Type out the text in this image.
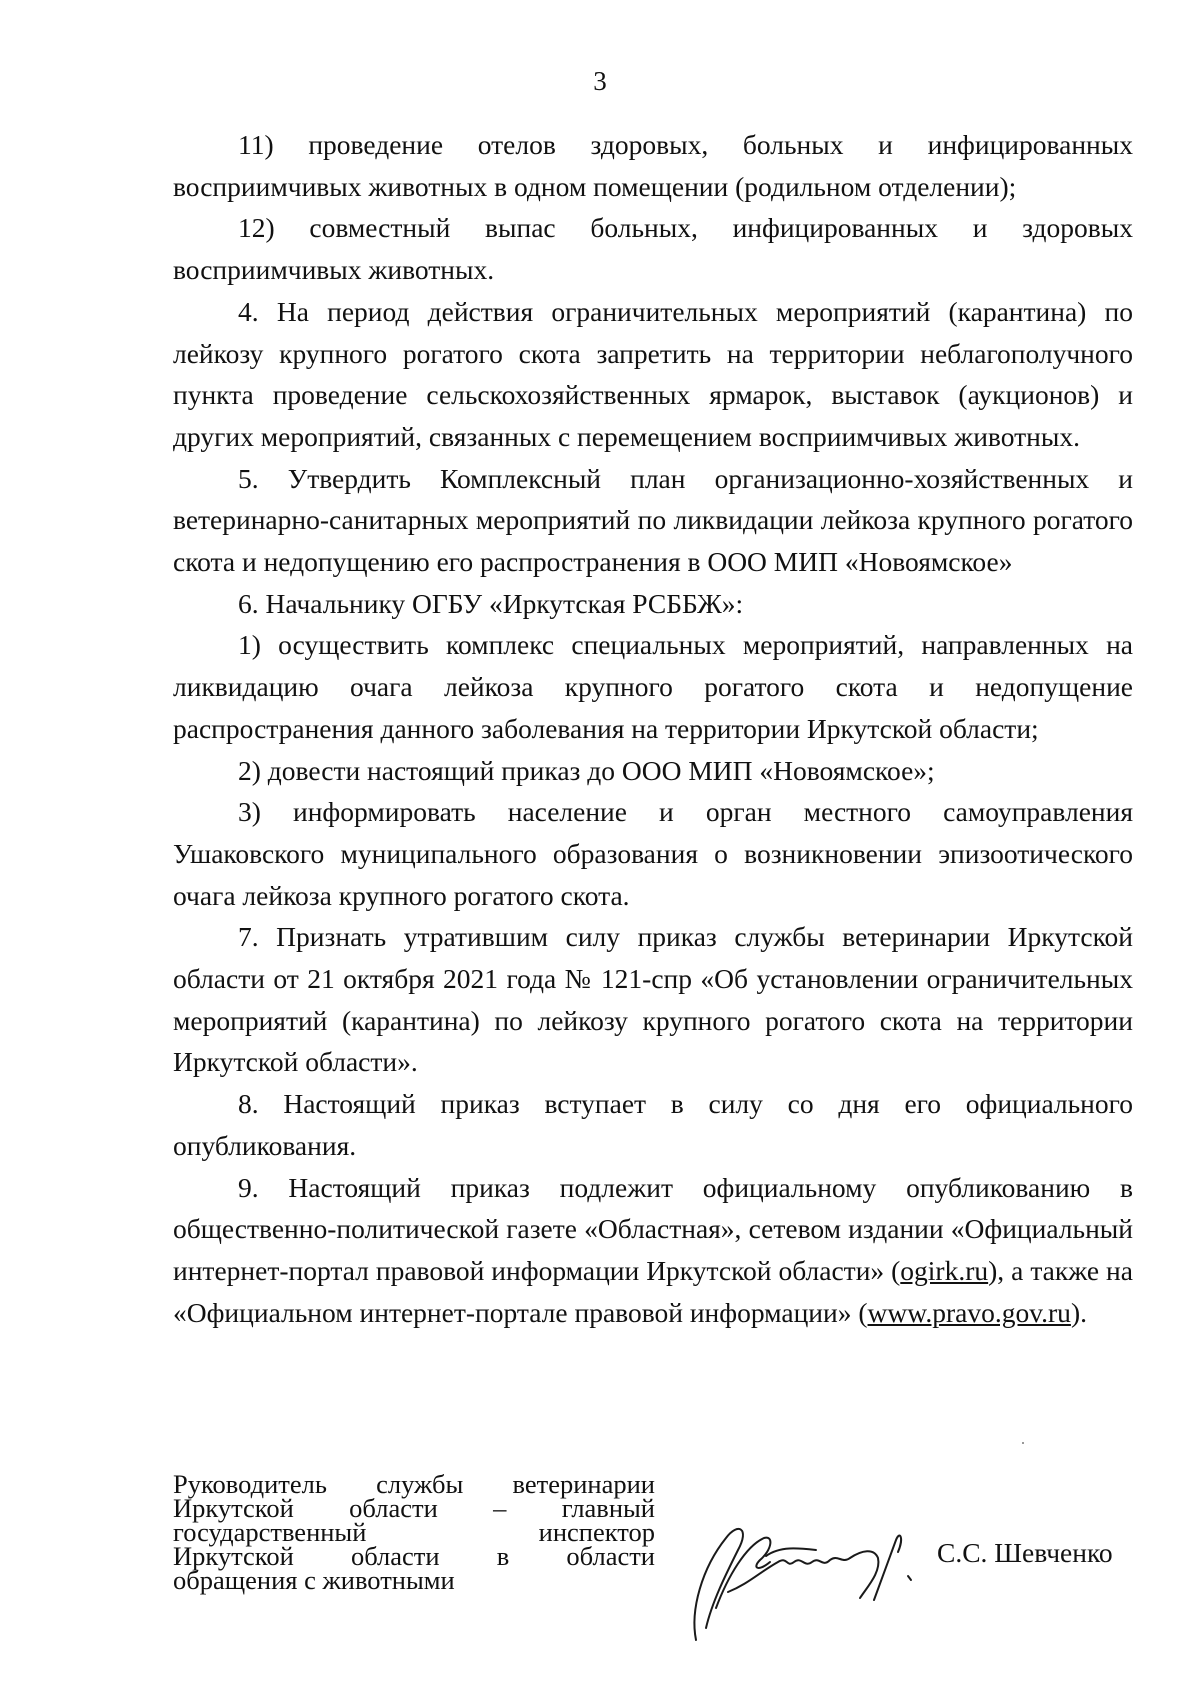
3

11) проведение отелов здоровых, больных и инфицированных восприимчивых животных в одном помещении (родильном отделении);

12) совместный выпас больных, инфицированных и здоровых восприимчивых животных.

4. На период действия ограничительных мероприятий (карантина) по лейкозу крупного рогатого скота запретить на территории неблагополучного пункта проведение сельскохозяйственных ярмарок, выставок (аукционов) и других мероприятий, связанных с перемещением восприимчивых животных.

5. Утвердить Комплексный план организационно-хозяйственных и ветеринарно-санитарных мероприятий по ликвидации лейкоза крупного рогатого скота и недопущению его распространения в ООО МИП «Новоямское»

6. Начальнику ОГБУ «Иркутская РСББЖ»:

1) осуществить комплекс специальных мероприятий, направленных на ликвидацию очага лейкоза крупного рогатого скота и недопущение распространения данного заболевания на территории Иркутской области;

2) довести настоящий приказ до ООО МИП «Новоямское»;

3) информировать население и орган местного самоуправления Ушаковского муниципального образования о возникновении эпизоотического очага лейкоза крупного рогатого скота.

7. Признать утратившим силу приказ службы ветеринарии Иркутской области от 21 октября 2021 года № 121-спр «Об установлении ограничительных мероприятий (карантина) по лейкозу крупного рогатого скота на территории Иркутской области».

8. Настоящий приказ вступает в силу со дня его официального опубликования.

9. Настоящий приказ подлежит официальному опубликованию в общественно-политической газете «Областная», сетевом издании «Официальный интернет-портал правовой информации Иркутской области» (ogirk.ru), а также на «Официальном интернет-портале правовой информации» (www.pravo.gov.ru).

Руководитель службы ветеринарии
Иркутской области – главный
государственный инспектор
Иркутской области в области
обращения с животными
С.С. Шевченко
